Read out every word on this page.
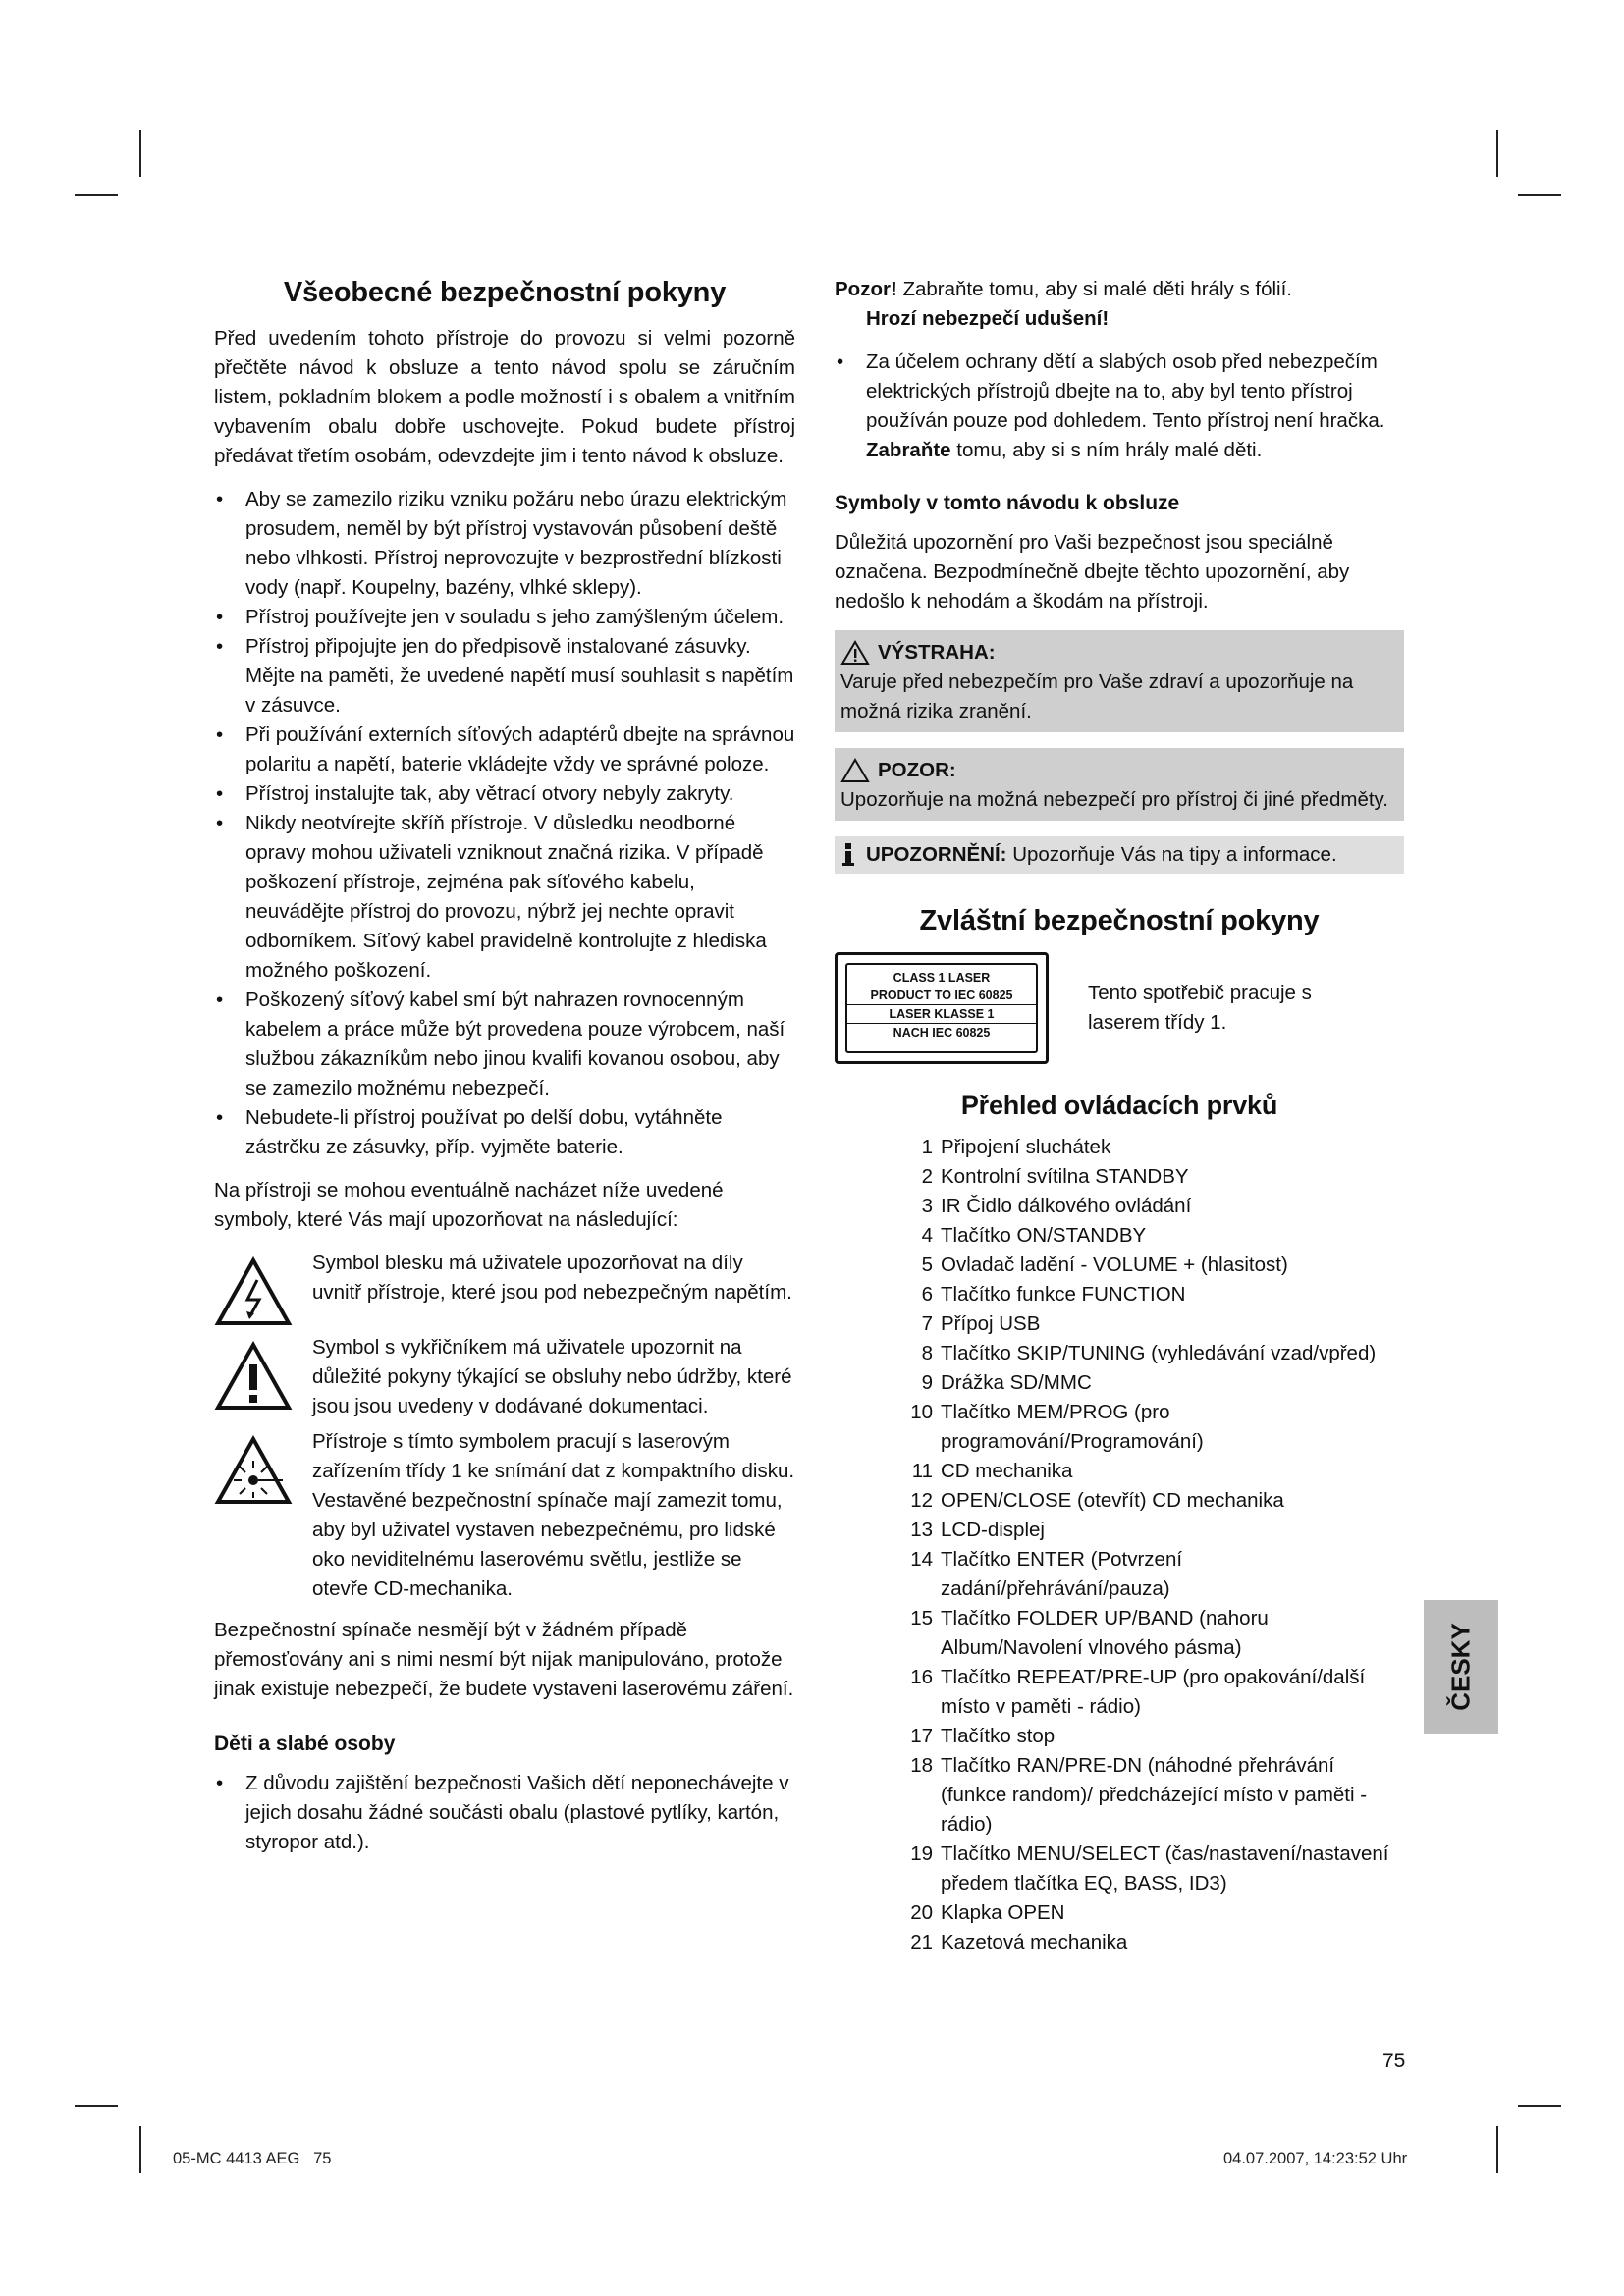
Všeobecné bezpečnostní pokyny

Před uvedením tohoto přístroje do provozu si velmi pozorně přečtěte návod k obsluze a tento návod spolu se záručním listem, pokladním blokem a podle možností i s obalem a vnitřním vybavením obalu dobře uschovejte. Pokud budete přístroj předávat třetím osobám, odevzdejte jim i tento návod k obsluze.

• Aby se zamezilo riziku vzniku požáru nebo úrazu elektrickým prosudem, neměl by být přístroj vystavován působení deště nebo vlhkosti. Přístroj neprovozujte v bezprostřední blízkosti vody (např. Koupelny, bazény, vlhké sklepy).
• Přístroj používejte jen v souladu s jeho zamýšleným účelem.
• Přístroj připojujte jen do předpisově instalované zásuvky. Mějte na paměti, že uvedené napětí musí souhlasit s napětím v zásuvce.
• Při používání externích síťových adaptérů dbejte na správnou polaritu a napětí, baterie vkládejte vždy ve správné poloze.
• Přístroj instalujte tak, aby větrací otvory nebyly zakryty.
• Nikdy neotvírejte skříň přístroje. V důsledku neodborné opravy mohou uživateli vzniknout značná rizika. V případě poškození přístroje, zejména pak síťového kabelu, neuvádějte přístroj do provozu, nýbrž jej nechte opravit odborníkem. Síťový kabel pravidelně kontrolujte z hlediska možného poškození.
• Poškozený síťový kabel smí být nahrazen rovnocenným kabelem a práce může být provedena pouze výrobcem, naší službou zákazníkům nebo jinou kvalifi kovanou osobou, aby se zamezilo možnému nebezpečí.
• Nebudete-li přístroj používat po delší dobu, vytáhněte zástrčku ze zásuvky, příp. vyjměte baterie.

Na přístroji se mohou eventuálně nacházet níže uvedené symboly, které Vás mají upozorňovat na následující:

Symbol blesku má uživatele upozorňovat na díly uvnitř přístroje, které jsou pod nebezpečným napětím.
Symbol s vykřičníkem má uživatele upozornit na důležité pokyny týkající se obsluhy nebo údržby, které jsou jsou uvedeny v dodávané dokumentaci.
Přístroje s tímto symbolem pracují s laserovým zařízením třídy 1 ke snímání dat z kompaktního disku. Vestavěné bezpečnostní spínače mají zamezit tomu, aby byl uživatel vystaven nebezpečnému, pro lidské oko neviditelnému laserovému světlu, jestliže se otevře CD-mechanika.

Bezpečnostní spínače nesmějí být v žádném případě přemosťovány ani s nimi nesmí být nijak manipulováno, protože jinak existuje nebezpečí, že budete vystaveni laserovému záření.

Děti a slabé osoby
• Z důvodu zajištění bezpečnosti Vašich dětí neponechávejte v jejich dosahu žádné součásti obalu (plastové pytlíky, kartón, styropor atd.).
Pozor! Zabraňte tomu, aby si malé děti hrály s fólií.
Hrozí nebezpečí udušení!
• Za účelem ochrany dětí a slabých osob před nebezpečím elektrických přístrojů dbejte na to, aby byl tento přístroj používán pouze pod dohledem. Tento přístroj není hračka. Zabraňte tomu, aby si s ním hrály malé děti.
Symboly v tomto návodu k obsluze

Důležitá upozornění pro Vaši bezpečnost jsou speciálně označena. Bezpodmínečně dbejte těchto upozornění, aby nedošlo k nehodám a škodám na přístroji.

VÝSTRAHA:
Varuje před nebezpečím pro Vaše zdraví a upozorňuje na možná rizika zranění.
POZOR:
Upozorňuje na možná nebezpečí pro přístroj či jiné předměty.
UPOZORNĚNÍ: Upozorňuje Vás na tipy a informace.
Zvláštní bezpečnostní pokyny
CLASS 1 LASER
PRODUCT TO IEC 60825
LASER KLASSE 1
NACH IEC 60825
Tento spotřebič pracuje s laserem třídy 1.
Přehled ovládacích prvků
1 Připojení sluchátek
2 Kontrolní svítilna STANDBY
3 IR Čidlo dálkového ovládání
4 Tlačítko ON/STANDBY
5 Ovladač ladění - VOLUME + (hlasitost)
6 Tlačítko funkce FUNCTION
7 Přípoj USB
8 Tlačítko SKIP/TUNING (vyhledávání vzad/vpřed)
9 Drážka SD/MMC
10 Tlačítko MEM/PROG (pro programování/Programování)
11 CD mechanika
12 OPEN/CLOSE (otevřít) CD mechanika
13 LCD-displej
14 Tlačítko ENTER (Potvrzení zadání/přehrávání/pauza)
15 Tlačítko FOLDER UP/BAND (nahoru Album/Navolení vlnového pásma)
16 Tlačítko REPEAT/PRE-UP (pro opakování/další místo v paměti - rádio)
17 Tlačítko stop
18 Tlačítko RAN/PRE-DN (náhodné přehrávání (funkce random)/ předcházející místo v paměti - rádio)
19 Tlačítko MENU/SELECT (čas/nastavení/nastavení předem tlačítka EQ, BASS, ID3)
20 Klapka OPEN
21 Kazetová mechanika
ČESKY
75
05-MC 4413 AEG   75	04.07.2007, 14:23:52 Uhr
